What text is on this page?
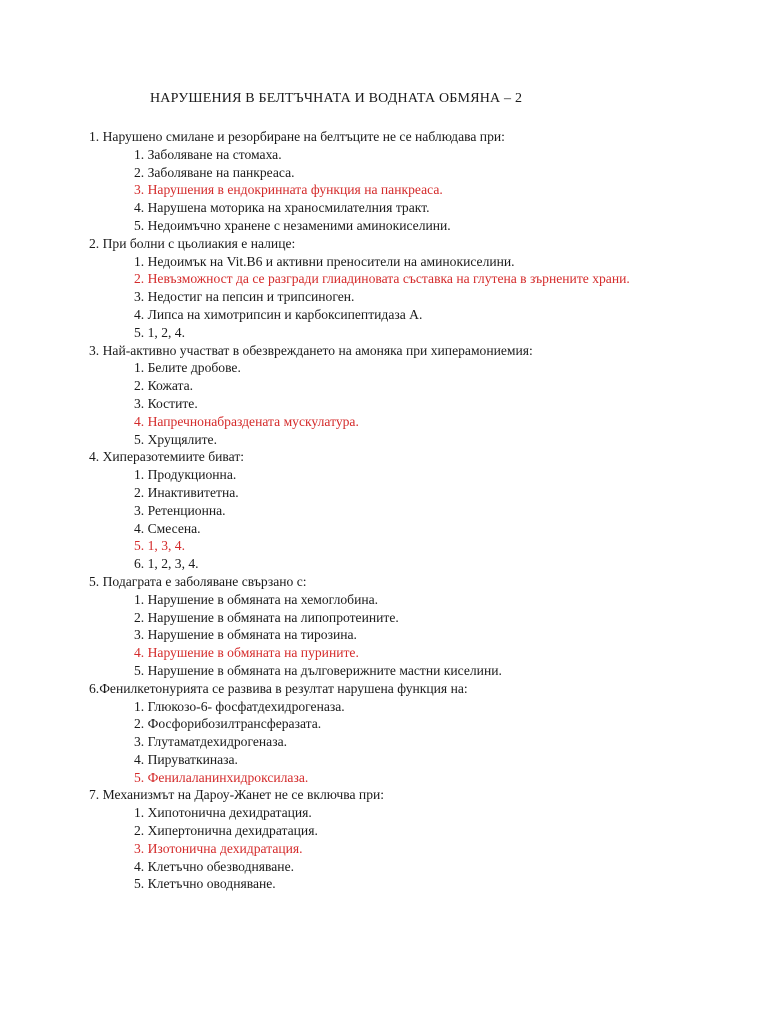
НАРУШЕНИЯ В БЕЛТЪЧНАТА И ВОДНАТА ОБМЯНА – 2
1. Нарушено смилане и резорбиране на белтъците не се наблюдава при:
1. Заболяване на стомаха.
2. Заболяване на панкреаса.
3. Нарушения в ендокринната функция на панкреаса.
4. Нарушена моторика на храносмилателния тракт.
5. Недоимъчно хранене с незаменими аминокиселини.
2. При болни с цьолиакия е налице:
1. Недоимък на Vit.B6 и активни преносители на аминокиселини.
2. Невъзможност да се разгради глиадиновата съставка на глутена в зърнените храни.
3. Недостиг на пепсин и трипсиноген.
4. Липса на химотрипсин и карбоксипептидаза А.
5. 1, 2, 4.
3. Най-активно участват в обезвреждането на амоняка при хиперамониемия:
1. Белите дробове.
2. Кожата.
3. Костите.
4. Напречнонабраздената мускулатура.
5. Хрущялите.
4. Хиперазотемиите биват:
1. Продукционна.
2. Инактивитетна.
3. Ретенционна.
4. Смесена.
5. 1, 3, 4.
6. 1, 2, 3, 4.
5. Подаграта е заболяване свързано с:
1. Нарушение в обмяната на хемоглобина.
2. Нарушение в обмяната на липопротеините.
3. Нарушение в обмяната на тирозина.
4. Нарушение в обмяната на пурините.
5. Нарушение в обмяната на дълговерижните мастни киселини.
6.Фенилкетонурията се развива в резултат нарушена функция на:
1. Глюкозо-6- фосфатдехидрогеназа.
2. Фосфорибозилтрансферазата.
3. Глутаматдехидрогеназа.
4. Пируваткиназа.
5. Фенилаланинхидроксилаза.
7. Механизмът на Дароу-Жанет не се включва при:
1. Хипотонична дехидратация.
2. Хипертонична дехидратация.
3. Изотонична дехидратация.
4. Клетъчно обезводняване.
5. Клетъчно оводняване.
